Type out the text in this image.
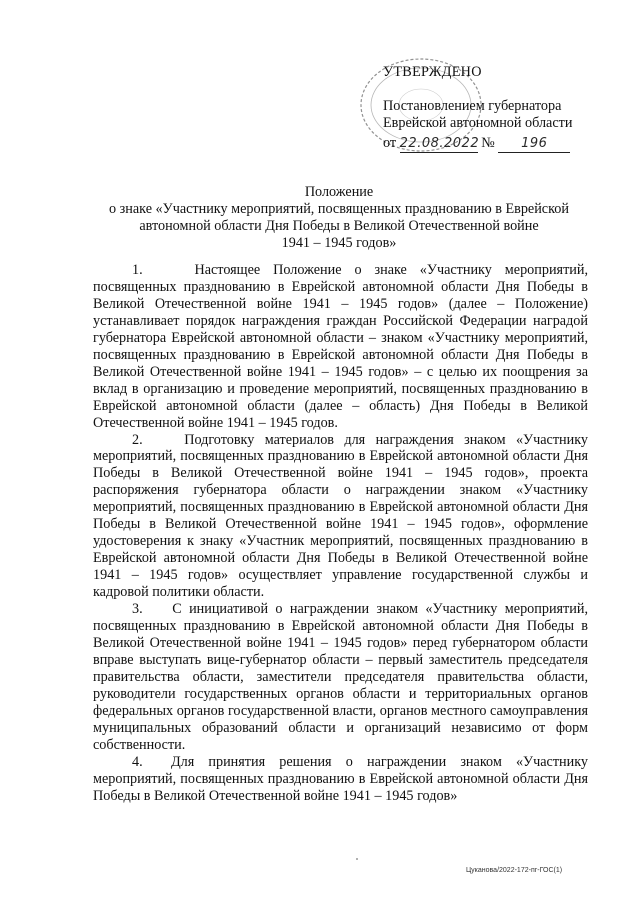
УТВЕРЖДЕНО
Постановлением губернатора
Еврейской автономной области
от 22.08.2022 № 196
Положение
о знаке «Участнику мероприятий, посвященных празднованию в Еврейской
автономной области Дня Победы в Великой Отечественной войне
1941 – 1945 годов»

1.    Настоящее Положение о знаке «Участнику мероприятий, посвященных празднованию в Еврейской автономной области Дня Победы в Великой Отечественной войне 1941 – 1945 годов» (далее – Положение) устанавливает порядок награждения граждан Российской Федерации наградой губернатора Еврейской автономной области – знаком «Участнику мероприятий, посвященных празднованию в Еврейской автономной области Дня Победы в Великой Отечественной войне 1941 – 1945 годов» – с целью их поощрения за вклад в организацию и проведение мероприятий, посвященных празднованию в Еврейской автономной области (далее – область) Дня Победы в Великой Отечественной войне 1941 – 1945 годов.

2.    Подготовку материалов для награждения знаком «Участнику мероприятий, посвященных празднованию в Еврейской автономной области Дня Победы в Великой Отечественной войне 1941 – 1945 годов», проекта распоряжения губернатора области о награждении знаком «Участнику мероприятий, посвященных празднованию в Еврейской автономной области Дня Победы в Великой Отечественной войне 1941 – 1945 годов», оформление удостоверения к знаку «Участник мероприятий, посвященных празднованию в Еврейской автономной области Дня Победы в Великой Отечественной войне 1941 – 1945 годов» осуществляет управление государственной службы и кадровой политики области.

3.    С инициативой о награждении знаком «Участнику мероприятий, посвященных празднованию в Еврейской автономной области Дня Победы в Великой Отечественной войне 1941 – 1945 годов» перед губернатором области вправе выступать вице-губернатор области – первый заместитель председателя правительства области, заместители председателя правительства области, руководители государственных органов области и территориальных органов федеральных органов государственной власти, органов местного самоуправления муниципальных образований области и организаций независимо от форм собственности.

4.  Для принятия решения о награждении знаком «Участнику мероприятий, посвященных празднованию в Еврейской автономной области Дня Победы в Великой Отечественной войне 1941 – 1945 годов»

Цуканова/2022-172-пг-ГОС(1)
